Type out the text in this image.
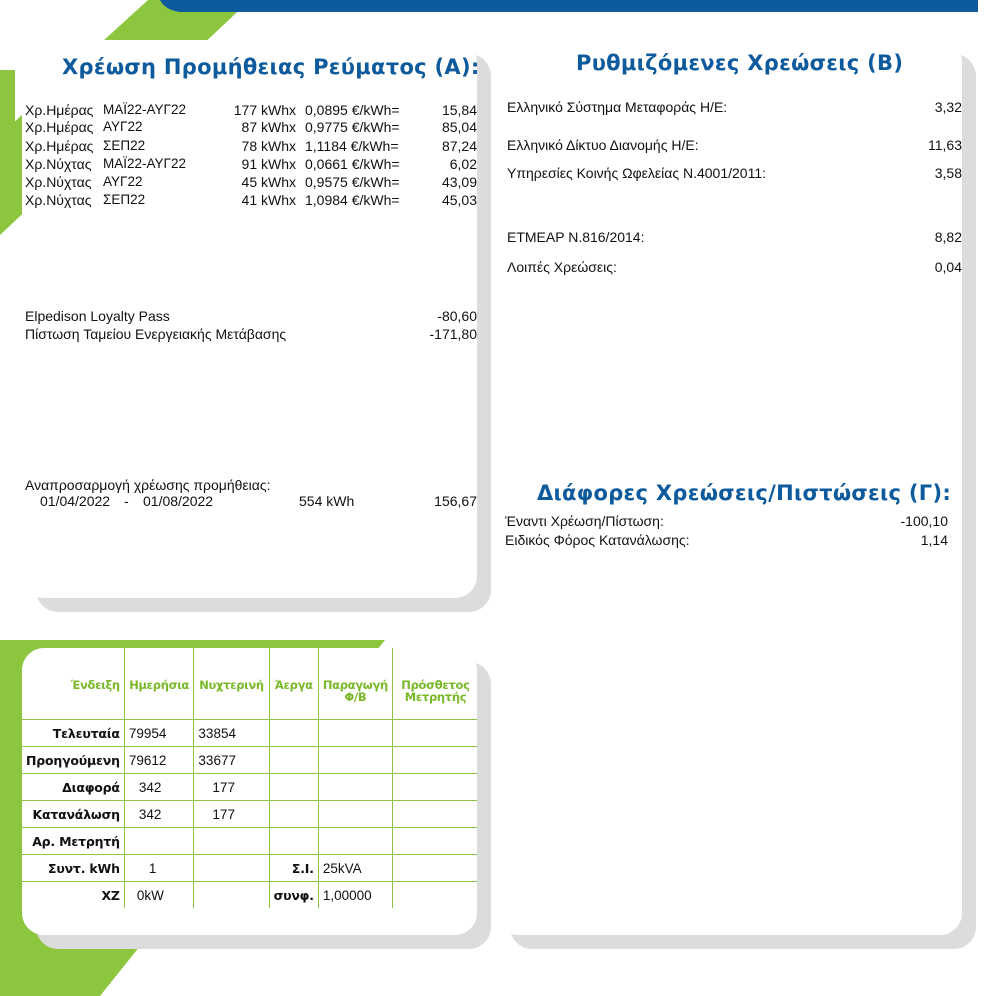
Χρέωση Προμήθειας Ρεύματος (Α):
Χρ.Ημέρας ΜΑΪ22-ΑΥΓ22	177 kWhx 0,0895 €/kWh=	15,84
Χρ.Ημέρας ΑΥΓ22	87 kWhx 0,9775 €/kWh=	85,04
Χρ.Ημέρας ΣΕΠ22	78 kWhx 1,1184 €/kWh=	87,24
Χρ.Νύχτας ΜΑΪ22-ΑΥΓ22	91 kWhx 0,0661 €/kWh=	6,02
Χρ.Νύχτας ΑΥΓ22	45 kWhx 0,9575 €/kWh=	43,09
Χρ.Νύχτας ΣΕΠ22	41 kWhx 1,0984 €/kWh=	45,03
Elpedison Loyalty Pass	-80,60
Πίστωση Ταμείου Ενεργειακής Μετάβασης	-171,80
Αναπροσαρμογή χρέωσης προμήθειας:
01/04/2022 - 01/08/2022	554 kWh	156,67
Ρυθμιζόμενες Χρεώσεις (Β)
Ελληνικό Σύστημα Μεταφοράς Η/Ε:	3,32
Ελληνικό Δίκτυο Διανομής Η/Ε:	11,63
Υπηρεσίες Κοινής Ωφελείας Ν.4001/2011:	3,58
ΕΤΜΕΑΡ Ν.816/2014:	8,82
Λοιπές Χρεώσεις:	0,04
Διάφορες Χρεώσεις/Πιστώσεις (Γ):
Έναντι Χρέωση/Πίστωση:	-100,10
Ειδικός Φόρος Κατανάλωσης:	1,14
Ένδειξη	Ημερήσια	Νυχτερινή	Άεργα	Παραγωγή Φ/Β	Πρόσθετος Μετρητής
Τελευταία	79954	33854			
Προηγούμενη	79612	33677			
Διαφορά	342	177			
Κατανάλωση	342	177			
Αρ. Μετρητή					
Συντ. kWh	1		Σ.Ι.	25kVA	
ΧΖ	0kW		συνφ.	1,00000	
